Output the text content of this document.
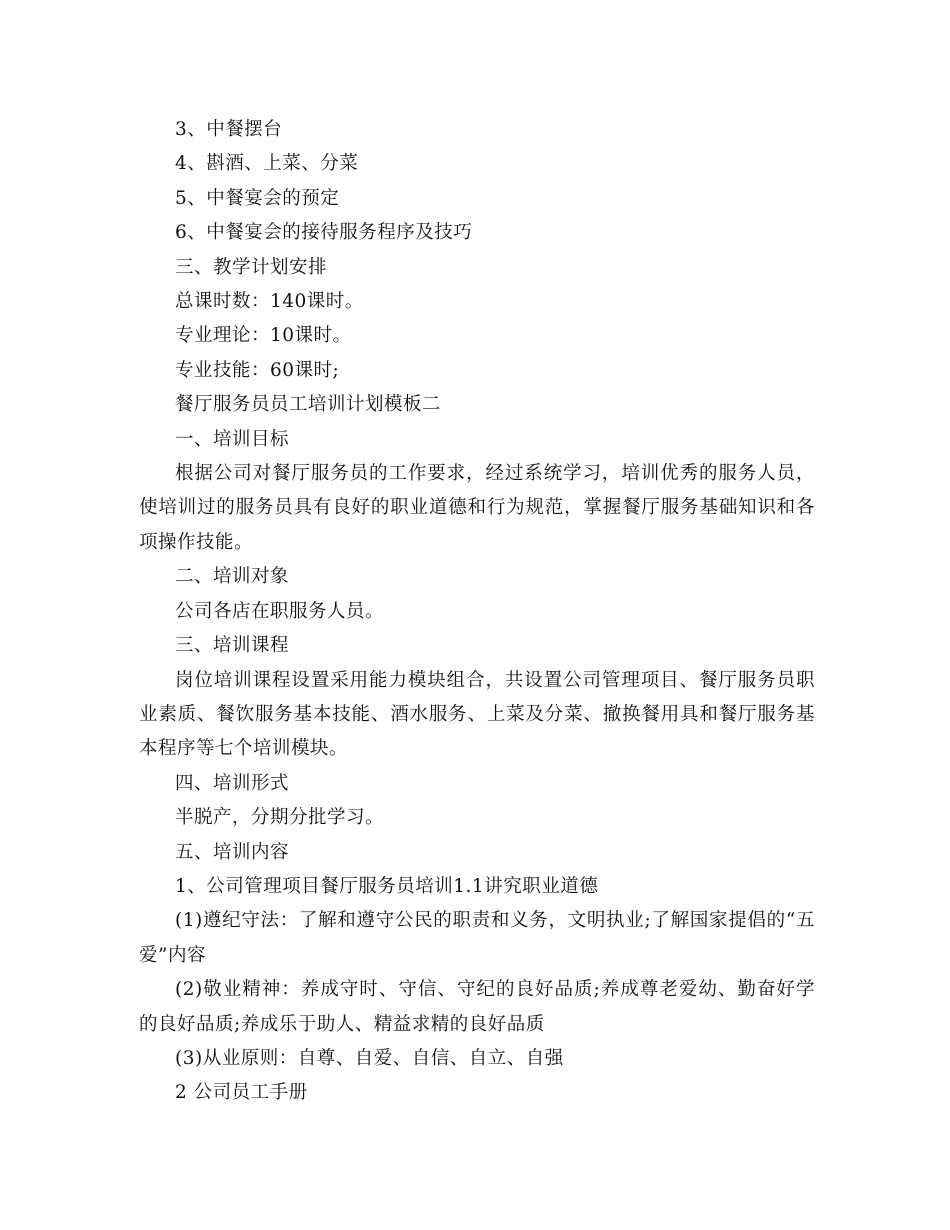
3、中餐摆台

4、斟酒、上菜、分菜

5、中餐宴会的预定

6、中餐宴会的接待服务程序及技巧

三、教学计划安排

总课时数：140课时。

专业理论：10课时。

专业技能：60课时;

餐厅服务员员工培训计划模板二

一、培训目标

根据公司对餐厅服务员的工作要求，经过系统学习，培训优秀的服务人员，使培训过的服务员具有良好的职业道德和行为规范，掌握餐厅服务基础知识和各项操作技能。

二、培训对象

公司各店在职服务人员。

三、培训课程

岗位培训课程设置采用能力模块组合，共设置公司管理项目、餐厅服务员职业素质、餐饮服务基本技能、酒水服务、上菜及分菜、撤换餐用具和餐厅服务基本程序等七个培训模块。

四、培训形式

半脱产，分期分批学习。

五、培训内容

1、公司管理项目餐厅服务员培训1.1讲究职业道德

(1)遵纪守法：了解和遵守公民的职责和义务，文明执业;了解国家提倡的“五爱”内容

(2)敬业精神：养成守时、守信、守纪的良好品质;养成尊老爱幼、勤奋好学的良好品质;养成乐于助人、精益求精的良好品质

(3)从业原则：自尊、自爱、自信、自立、自强

2 公司员工手册
